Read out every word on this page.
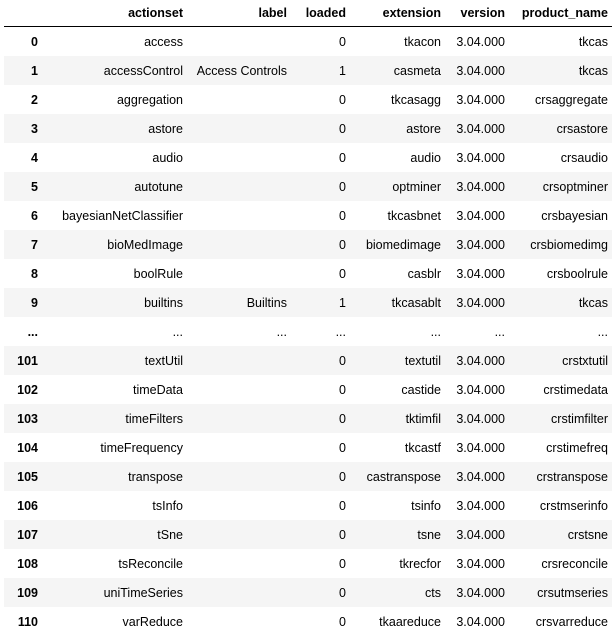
	actionset	label	loaded	extension	version	product_name
0	access		0	tkacon	3.04.000	tkcas
1	accessControl	Access Controls	1	casmeta	3.04.000	tkcas
2	aggregation		0	tkcasagg	3.04.000	crsaggregate
3	astore		0	astore	3.04.000	crsastore
4	audio		0	audio	3.04.000	crsaudio
5	autotune		0	optminer	3.04.000	crsoptminer
6	bayesianNetClassifier		0	tkcasbnet	3.04.000	crsbayesian
7	bioMedImage		0	biomedimage	3.04.000	crsbiomedimg
8	boolRule		0	casblr	3.04.000	crsboolrule
9	builtins	Builtins	1	tkcasablt	3.04.000	tkcas
...	...	...	...	...	...	...
101	textUtil		0	textutil	3.04.000	crstxtutil
102	timeData		0	castide	3.04.000	crstimedata
103	timeFilters		0	tktimfil	3.04.000	crstimfilter
104	timeFrequency		0	tkcastf	3.04.000	crstimefreq
105	transpose		0	castranspose	3.04.000	crstranspose
106	tsInfo		0	tsinfo	3.04.000	crstmserinfo
107	tSne		0	tsne	3.04.000	crstsne
108	tsReconcile		0	tkrecfor	3.04.000	crsreconcile
109	uniTimeSeries		0	cts	3.04.000	crsutmseries
110	varReduce		0	tkaareduce	3.04.000	crsvarreduce
